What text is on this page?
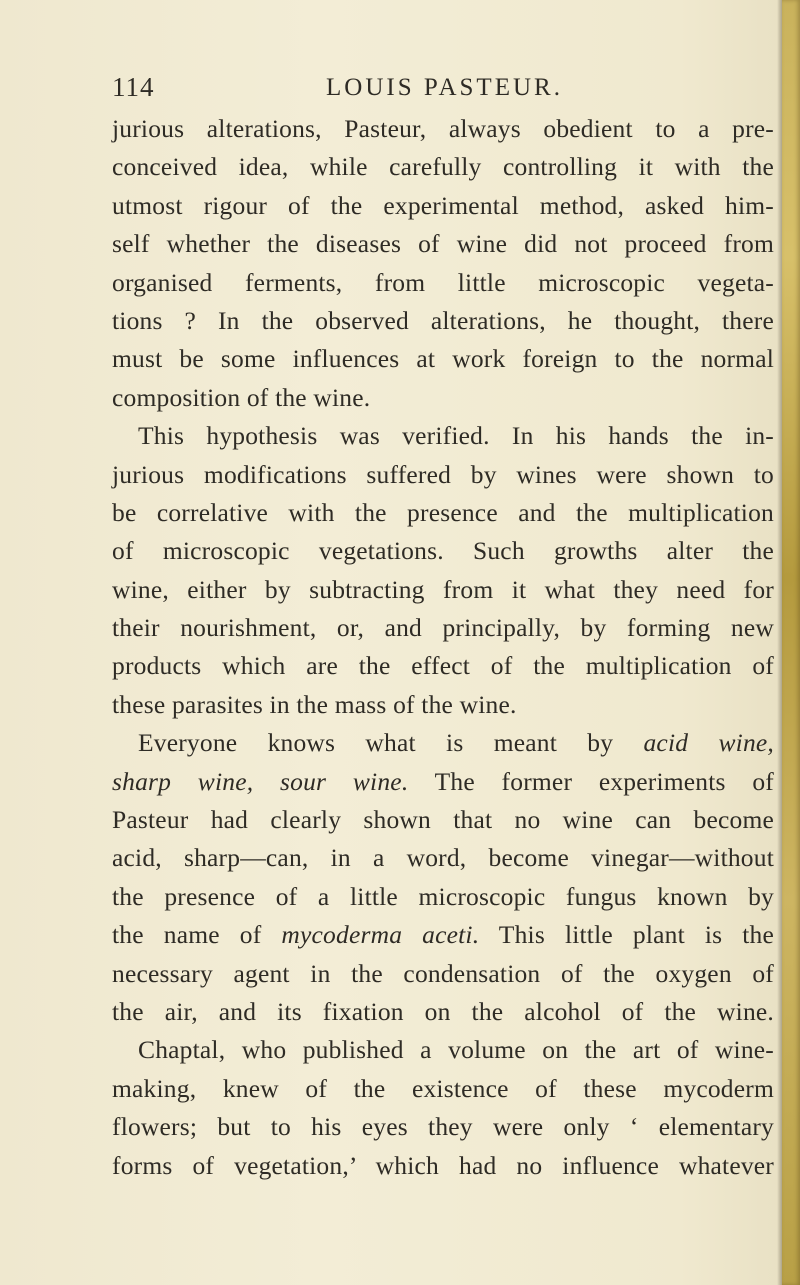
114	LOUIS PASTEUR.
jurious alterations, Pasteur, always obedient to a pre-
conceived idea, while carefully controlling it with the
utmost rigour of the experimental method, asked him-
self whether the diseases of wine did not proceed from
organised ferments, from little microscopic vegeta-
tions ? In the observed alterations, he thought, there
must be some influences at work foreign to the normal
composition of the wine.
This hypothesis was verified. In his hands the in-
jurious modifications suffered by wines were shown to
be correlative with the presence and the multiplication
of microscopic vegetations. Such growths alter the
wine, either by subtracting from it what they need for
their nourishment, or, and principally, by forming new
products which are the effect of the multiplication of
these parasites in the mass of the wine.
Everyone knows what is meant by acid wine,
sharp wine, sour wine. The former experiments of
Pasteur had clearly shown that no wine can become
acid, sharp—can, in a word, become vinegar—without
the presence of a little microscopic fungus known by
the name of mycoderma aceti. This little plant is the
necessary agent in the condensation of the oxygen of
the air, and its fixation on the alcohol of the wine.
Chaptal, who published a volume on the art of wine-
making, knew of the existence of these mycoderm
flowers; but to his eyes they were only ‘ elementary
forms of vegetation,’ which had no influence whatever
